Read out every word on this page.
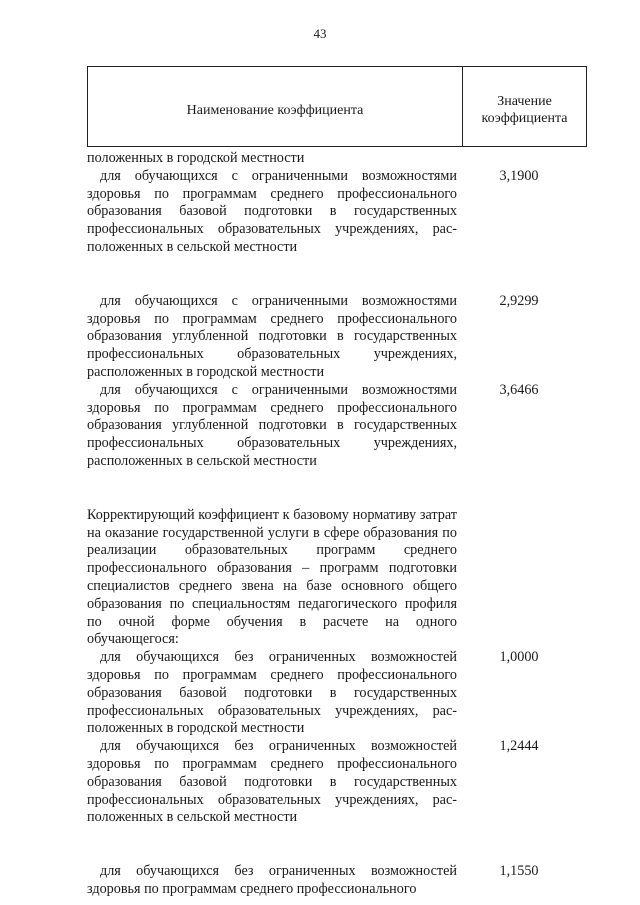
43
Наименование коэффициента
Значение
коэффициента
положенных в городской местности
для обучающихся с ограниченными возможностями здоровья по программам среднего профессионального образования базовой подготовки в государственных профессиональных образовательных учреждениях, расположенных в сельской местности
3,1900
для обучающихся с ограниченными возможностями здоровья по программам среднего профессионального образования углубленной подготовки в государственных профессиональных образовательных учреждениях, расположенных в городской местности
2,9299
для обучающихся с ограниченными возможностями здоровья по программам среднего профессионального образования углубленной подготовки в государственных профессиональных образовательных учреждениях, расположенных в сельской местности
3,6466
Корректирующий коэффициент к базовому нормативу затрат на оказание государственной услуги в сфере образования по реализации образовательных программ среднего профессионального образования – программ подготовки специалистов среднего звена на базе основного общего образования по специальностям педагогического профиля по очной форме обучения в расчете на одного обучающегося:
для обучающихся без ограниченных возможностей здоровья по программам среднего профессионального образования базовой подготовки в государственных профессиональных образовательных учреждениях, расположенных в городской местности
1,0000
для обучающихся без ограниченных возможностей здоровья по программам среднего профессионального образования базовой подготовки в государственных профессиональных образовательных учреждениях, расположенных в сельской местности
1,2444
для обучающихся без ограниченных возможностей здоровья по программам среднего профессионального
1,1550
